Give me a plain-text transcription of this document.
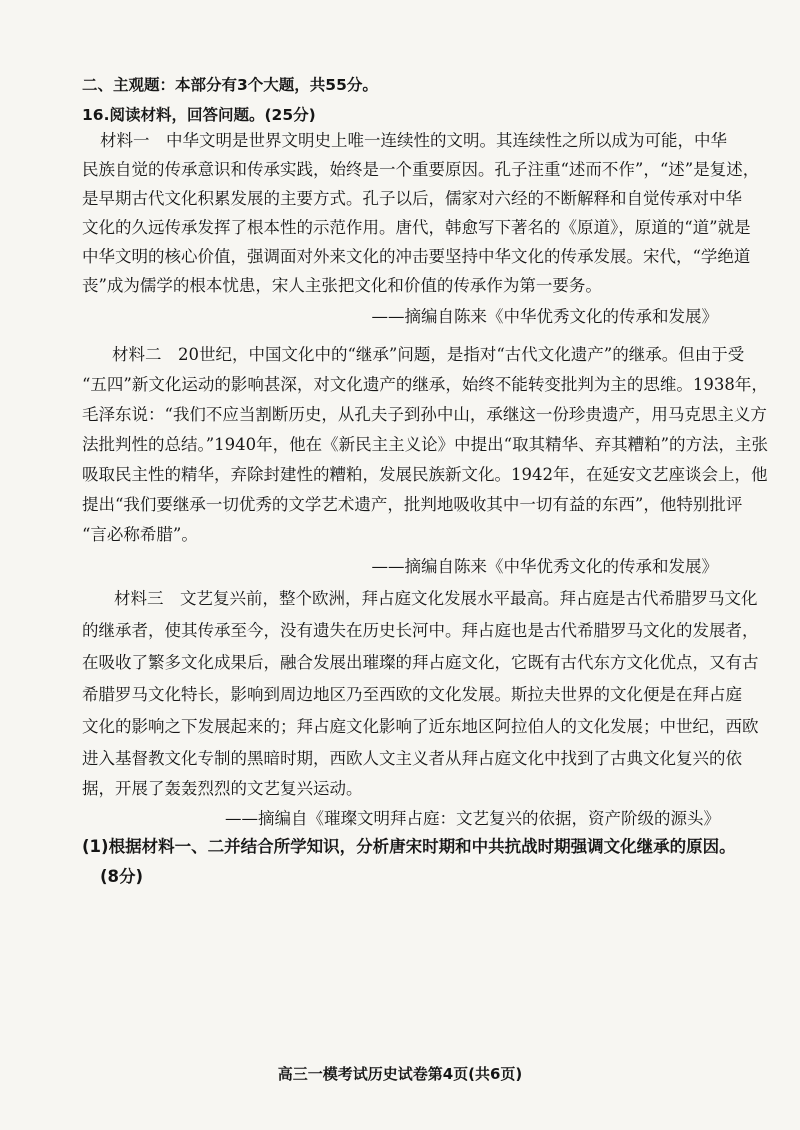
二、主观题：本部分有3个大题，共55分。
16.阅读材料，回答问题。(25分)
材料一　中华文明是世界文明史上唯一连续性的文明。其连续性之所以成为可能，中华
民族自觉的传承意识和传承实践，始终是一个重要原因。孔子注重“述而不作”，“述”是复述，
是早期古代文化积累发展的主要方式。孔子以后，儒家对六经的不断解释和自觉传承对中华
文化的久远传承发挥了根本性的示范作用。唐代，韩愈写下著名的《原道》，原道的“道”就是
中华文明的核心价值，强调面对外来文化的冲击要坚持中华文化的传承发展。宋代，“学绝道
丧”成为儒学的根本忧患，宋人主张把文化和价值的传承作为第一要务。
——摘编自陈来《中华优秀文化的传承和发展》
材料二　20世纪，中国文化中的“继承”问题，是指对“古代文化遗产”的继承。但由于受
“五四”新文化运动的影响甚深，对文化遗产的继承，始终不能转变批判为主的思维。1938年，
毛泽东说：“我们不应当割断历史，从孔夫子到孙中山，承继这一份珍贵遗产，用马克思主义方
法批判性的总结。”1940年，他在《新民主主义论》中提出“取其精华、弃其糟粕”的方法，主张
吸取民主性的精华，弃除封建性的糟粕，发展民族新文化。1942年，在延安文艺座谈会上，他
提出“我们要继承一切优秀的文学艺术遗产，批判地吸收其中一切有益的东西”，他特别批评
“言必称希腊”。
——摘编自陈来《中华优秀文化的传承和发展》
材料三　文艺复兴前，整个欧洲，拜占庭文化发展水平最高。拜占庭是古代希腊罗马文化
的继承者，使其传承至今，没有遗失在历史长河中。拜占庭也是古代希腊罗马文化的发展者，
在吸收了繁多文化成果后，融合发展出璀璨的拜占庭文化，它既有古代东方文化优点，又有古
希腊罗马文化特长，影响到周边地区乃至西欧的文化发展。斯拉夫世界的文化便是在拜占庭
文化的影响之下发展起来的；拜占庭文化影响了近东地区阿拉伯人的文化发展；中世纪，西欧
进入基督教文化专制的黑暗时期，西欧人文主义者从拜占庭文化中找到了古典文化复兴的依
据，开展了轰轰烈烈的文艺复兴运动。
——摘编自《璀璨文明拜占庭：文艺复兴的依据，资产阶级的源头》
(1)根据材料一、二并结合所学知识，分析唐宋时期和中共抗战时期强调文化继承的原因。
(8分)
高三一模考试历史试卷第4页(共6页)
